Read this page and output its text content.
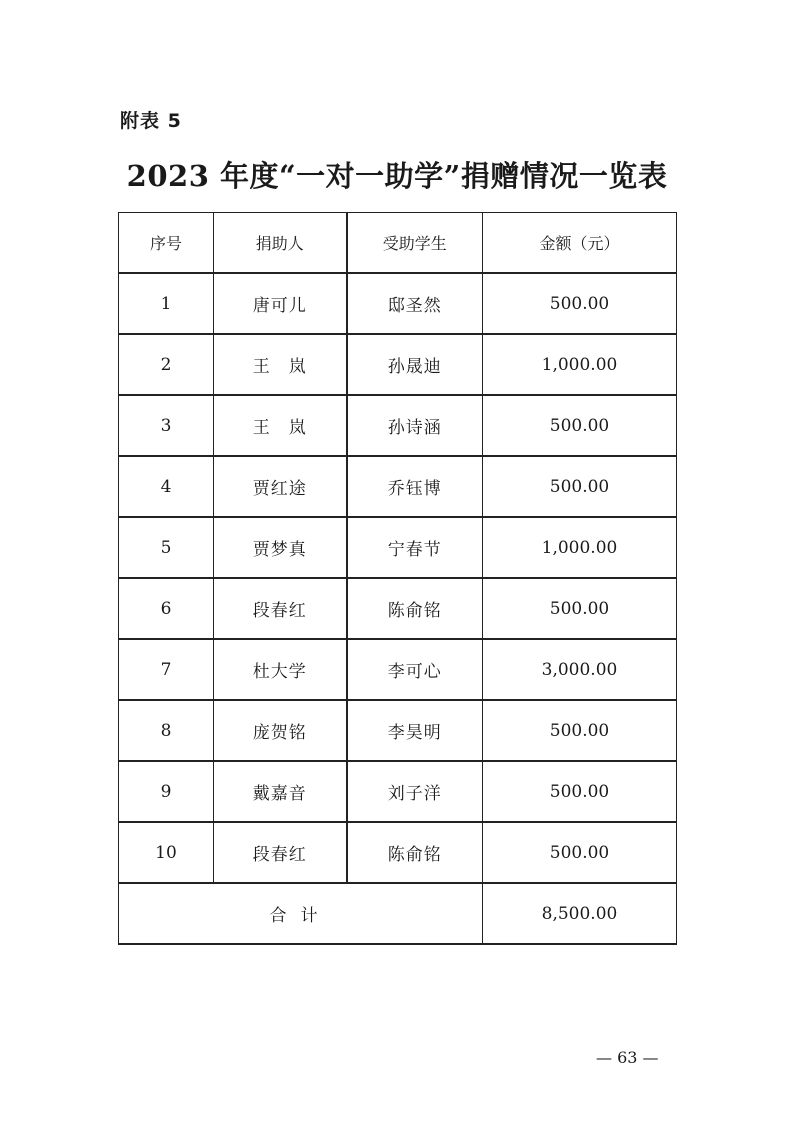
附表 5
2023 年度“一对一助学”捐赠情况一览表
序号	捐助人	受助学生	金额（元）
1	唐可儿	邸圣然	500.00
2	王　岚	孙晟迪	1,000.00
3	王　岚	孙诗涵	500.00
4	贾红途	乔钰博	500.00
5	贾梦真	宁春节	1,000.00
6	段春红	陈俞铭	500.00
7	杜大学	李可心	3,000.00
8	庞贺铭	李昊明	500.00
9	戴嘉音	刘子洋	500.00
10	段春红	陈俞铭	500.00
合计			8,500.00
— 63 —
